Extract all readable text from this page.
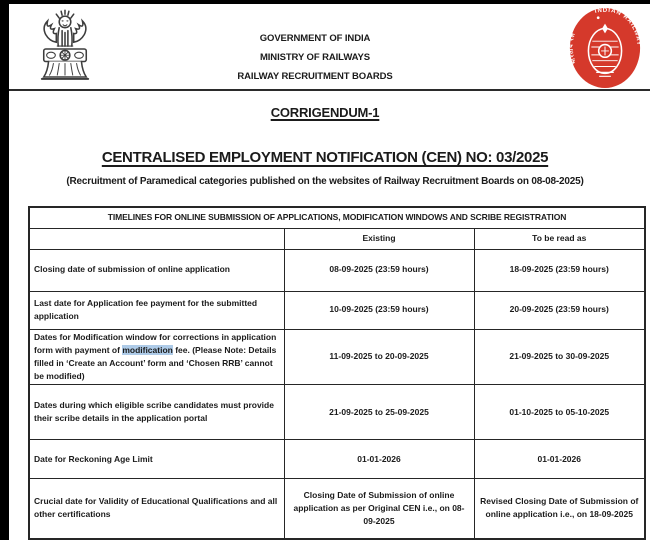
GOVERNMENT OF INDIA
MINISTRY OF RAILWAYS
RAILWAY RECRUITMENT BOARDS
भारतीय रेल
INDIAN RAILWAY
CORRIGENDUM-1
CENTRALISED EMPLOYMENT NOTIFICATION (CEN) NO: 03/2025
(Recruitment of Paramedical categories published on the websites of Railway Recruitment Boards on 08-08-2025)
TIMELINES FOR ONLINE SUBMISSION OF APPLICATIONS, MODIFICATION WINDOWS AND SCRIBE REGISTRATION		
	Existing	To be read as
Closing date of submission of online application	08-09-2025 (23:59 hours)	18-09-2025 (23:59 hours)
Last date for Application fee payment for the submitted application	10-09-2025 (23:59 hours)	20-09-2025 (23:59 hours)
Dates for Modification window for corrections in application form with payment of modification fee. (Please Note: Details filled in ‘Create an Account’ form and ‘Chosen RRB’ cannot be modified)	11-09-2025 to 20-09-2025	21-09-2025 to 30-09-2025
Dates during which eligible scribe candidates must provide their scribe details in the application portal	21-09-2025 to 25-09-2025	01-10-2025 to 05-10-2025
Date for Reckoning Age Limit	01-01-2026	01-01-2026
Crucial date for Validity of Educational Qualifications and all other certifications	Closing Date of Submission of online application as per Original CEN i.e., on 08-09-2025	Revised Closing Date of Submission of online application i.e., on 18-09-2025
